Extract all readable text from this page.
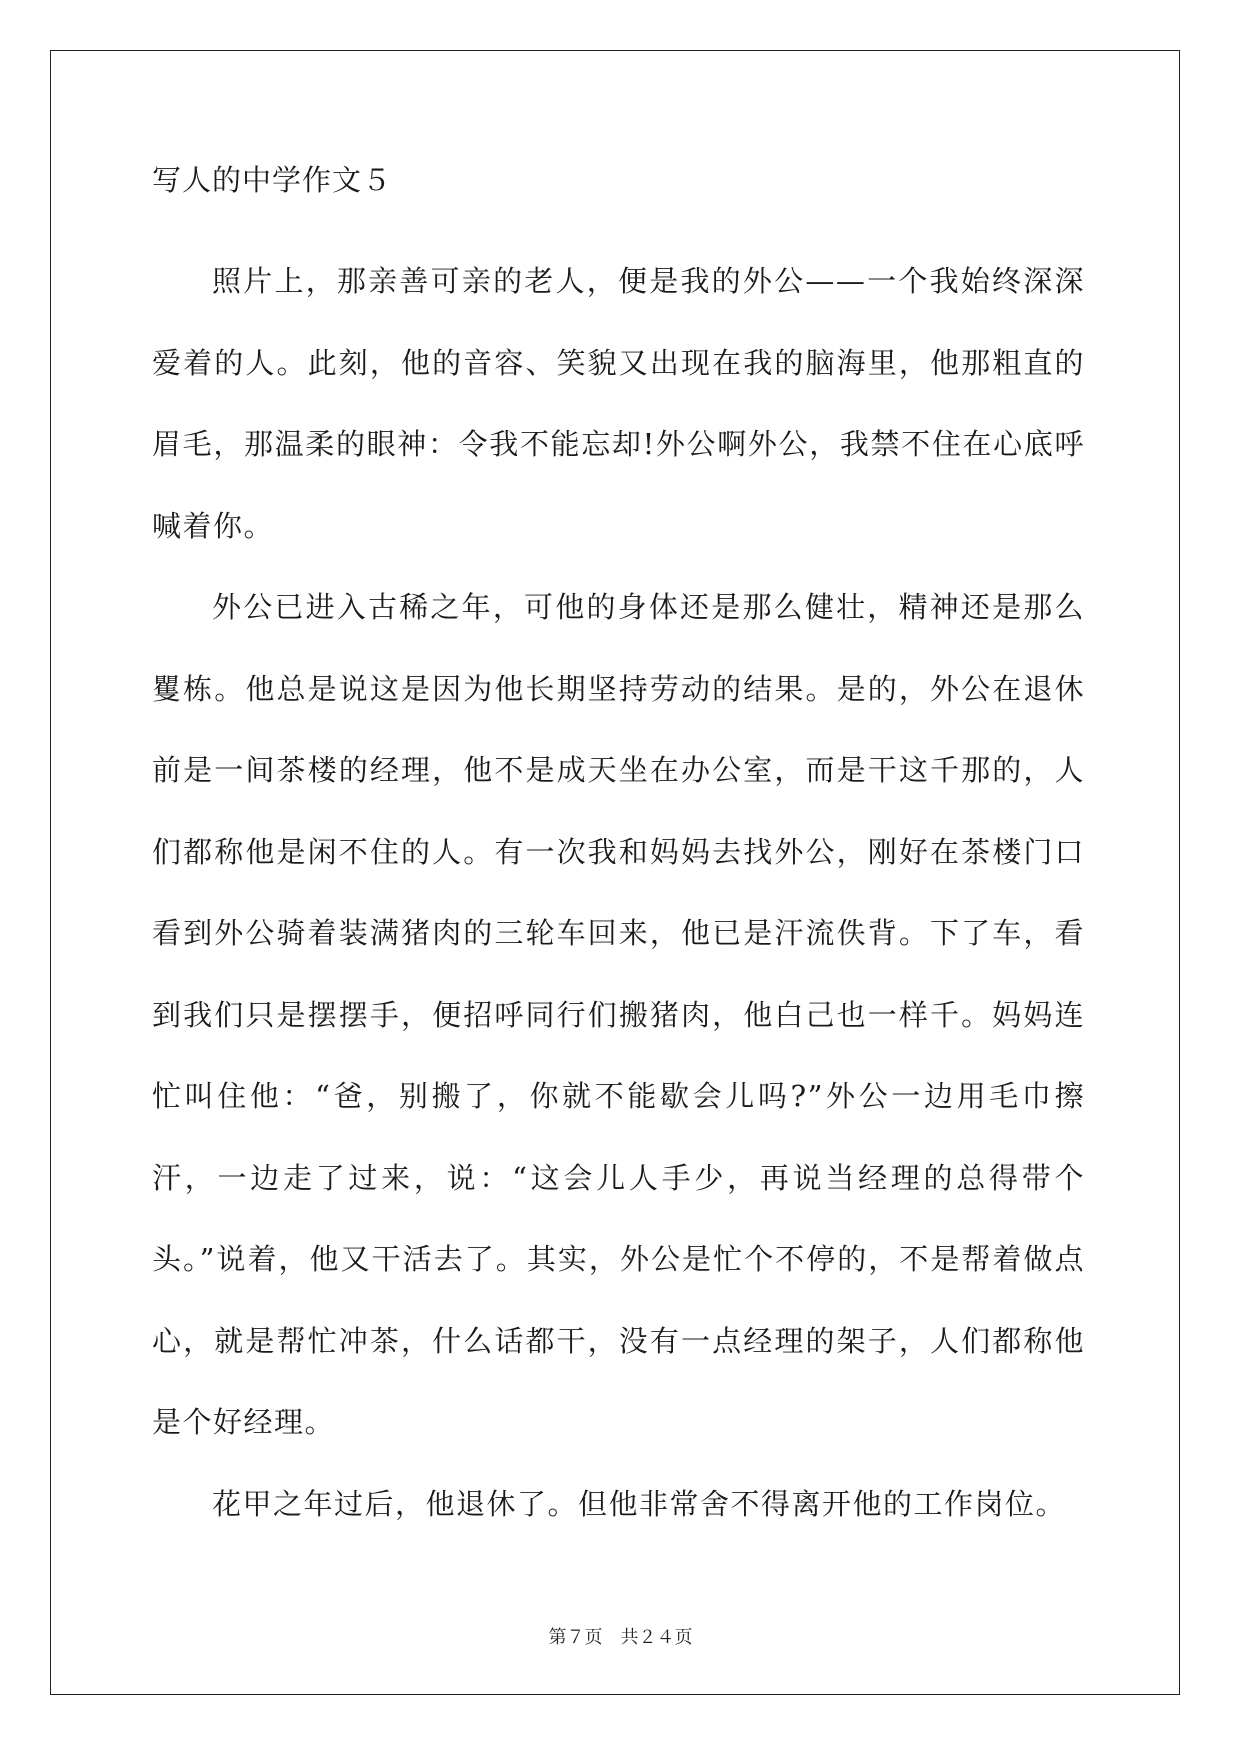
写人的中学作文５

照片上，那亲善可亲的老人，便是我的外公——一个我始终深深爱着的人。此刻，他的音容、笑貌又出现在我的脑海里，他那粗直的眉毛，那温柔的眼神：令我不能忘却!外公啊外公，我禁不住在心底呼喊着你。

外公已进入古稀之年，可他的身体还是那么健壮，精神还是那么矍栋。他总是说这是因为他长期坚持劳动的结果。是的，外公在退休前是一间茶楼的经理，他不是成天坐在办公室，而是干这千那的，人们都称他是闲不住的人。有一次我和妈妈去找外公，刚好在茶楼门口看到外公骑着装满猪肉的三轮车回来，他已是汗流佚背。下了车，看到我们只是摆摆手，便招呼同行们搬猪肉，他白己也一样千。妈妈连忙叫住他：“爸，别搬了，你就不能歇会儿吗?”外公一边用毛巾擦汗，一边走了过来，说：“这会儿人手少，再说当经理的总得带个头。”说着，他又干活去了。其实，外公是忙个不停的，不是帮着做点心，就是帮忙冲茶，什么话都干，没有一点经理的架子，人们都称他是个好经理。

花甲之年过后，他退休了。但他非常舍不得离开他的工作岗位。

第７页 共２４页
